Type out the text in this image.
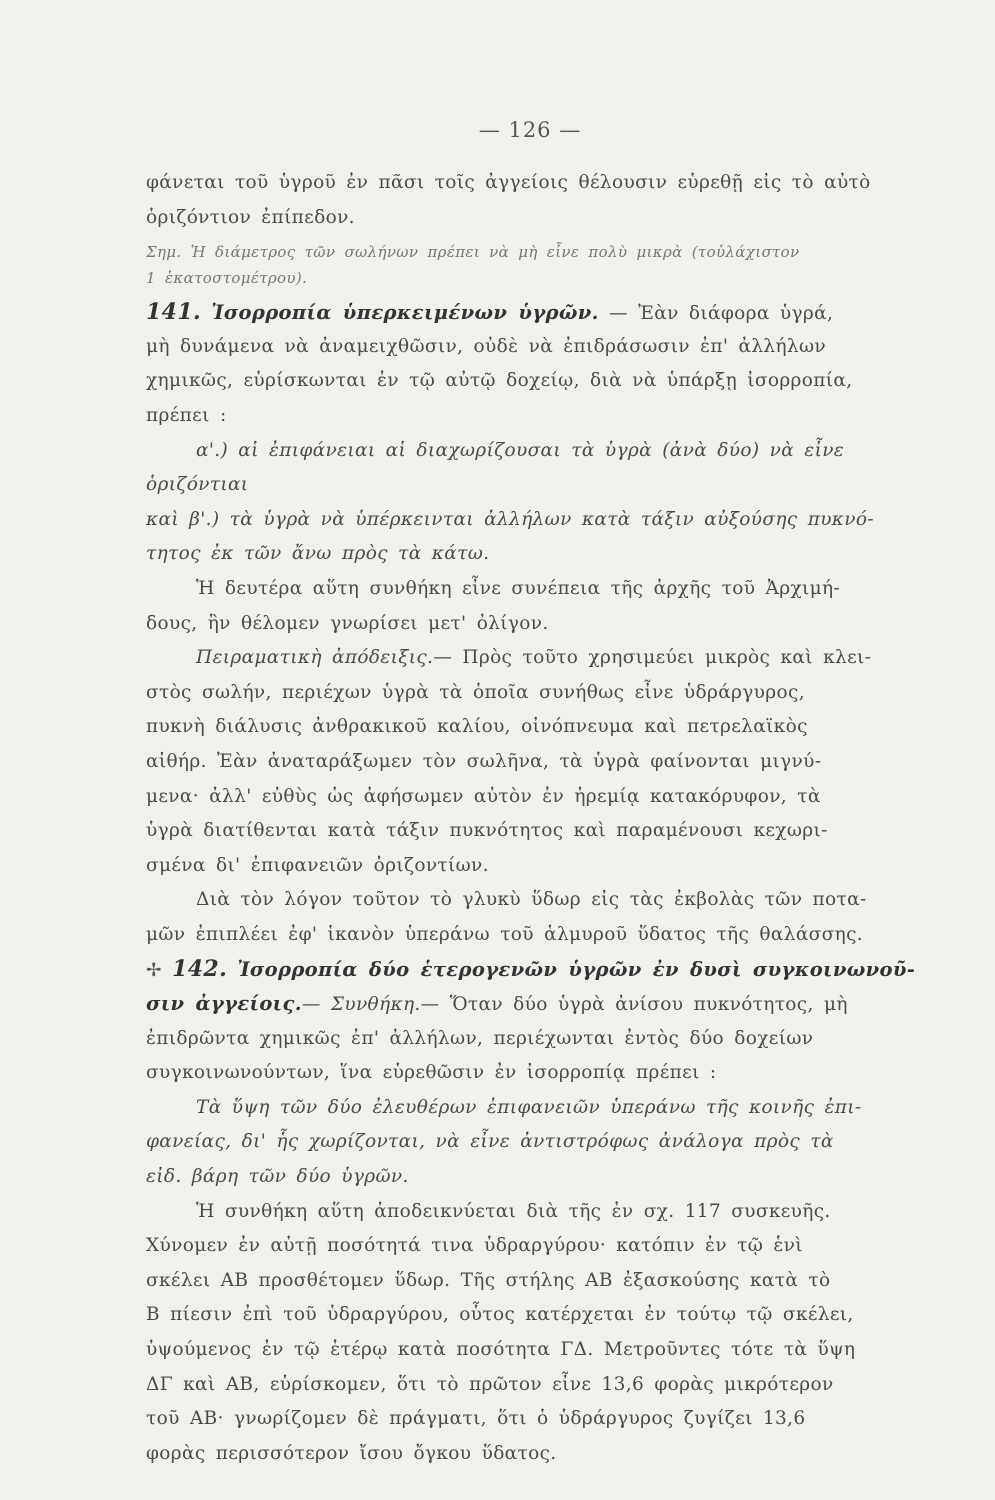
— 126 —
φάνεται τοῦ ὑγροῦ ἐν πᾶσι τοῖς ἀγγείοις θέλουσιν εὑρεθῇ εἰς τὸ αὐτὸ
ὁριζόντιον ἐπίπεδον.
Σημ. Ἡ διάμετρος τῶν σωλήνων πρέπει νὰ μὴ εἶνε πολὺ μικρὰ (τοὐλάχιστον
1 ἑκατοστομέτρου).
141. Ἰσορροπία ὑπερκειμένων ὑγρῶν. — Ἐὰν διάφορα ὑγρά,
μὴ δυνάμενα νὰ ἀναμειχθῶσιν, οὐδὲ νὰ ἐπιδράσωσιν ἐπ' ἀλλήλων
χημικῶς, εὑρίσκωνται ἐν τῷ αὐτῷ δοχείῳ, διὰ νὰ ὑπάρξῃ ἰσορροπία,
πρέπει :
α'.) αἱ ἐπιφάνειαι αἱ διαχωρίζουσαι τὰ ὑγρὰ (ἀνὰ δύο) νὰ εἶνε
ὁριζόντιαι
καὶ β'.) τὰ ὑγρὰ νὰ ὑπέρκεινται ἀλλήλων κατὰ τάξιν αὐξούσης πυκνό-
τητος ἐκ τῶν ἄνω πρὸς τὰ κάτω.
Ἡ δευτέρα αὕτη συνθήκη εἶνε συνέπεια τῆς ἀρχῆς τοῦ Ἀρχιμή-
δους, ἣν θέλομεν γνωρίσει μετ' ὀλίγον.
Πειραματικὴ ἀπόδειξις.— Πρὸς τοῦτο χρησιμεύει μικρὸς καὶ κλει-
στὸς σωλήν, περιέχων ὑγρὰ τὰ ὁποῖα συνήθως εἶνε ὑδράργυρος,
πυκνὴ διάλυσις ἀνθρακικοῦ καλίου, οἰνόπνευμα καὶ πετρελαϊκὸς
αἰθήρ. Ἐὰν ἀναταράξωμεν τὸν σωλῆνα, τὰ ὑγρὰ φαίνονται μιγνύ-
μενα· ἀλλ' εὐθὺς ὡς ἀφήσωμεν αὐτὸν ἐν ἠρεμίᾳ κατακόρυφον, τὰ
ὑγρὰ διατίθενται κατὰ τάξιν πυκνότητος καὶ παραμένουσι κεχωρι-
σμένα δι' ἐπιφανειῶν ὁριζοντίων.
Διὰ τὸν λόγον τοῦτον τὸ γλυκὺ ὕδωρ εἰς τὰς ἐκβολὰς τῶν ποτα-
μῶν ἐπιπλέει ἐφ' ἱκανὸν ὑπεράνω τοῦ ἁλμυροῦ ὕδατος τῆς θαλάσσης.
✢ 142. Ἰσορροπία δύο ἑτερογενῶν ὑγρῶν ἐν δυσὶ συγκοινωνοῦ-
σιν ἀγγείοις.— Συνθήκη.— Ὅταν δύο ὑγρὰ ἀνίσου πυκνότητος, μὴ
ἐπιδρῶντα χημικῶς ἐπ' ἀλλήλων, περιέχωνται ἐντὸς δύο δοχείων
συγκοινωνούντων, ἵνα εὑρεθῶσιν ἐν ἰσορροπίᾳ πρέπει :
Τὰ ὕψη τῶν δύο ἐλευθέρων ἐπιφανειῶν ὑπεράνω τῆς κοινῆς ἐπι-
φανείας, δι' ἧς χωρίζονται, νὰ εἶνε ἀντιστρόφως ἀνάλογα πρὸς τὰ
εἰδ. βάρη τῶν δύο ὑγρῶν.
Ἡ συνθήκη αὕτη ἀποδεικνύεται διὰ τῆς ἐν σχ. 117 συσκευῆς.
Χύνομεν ἐν αὐτῇ ποσότητά τινα ὑδραργύρου· κατόπιν ἐν τῷ ἑνὶ
σκέλει ΑΒ προσθέτομεν ὕδωρ. Τῆς στήλης ΑΒ ἐξασκούσης κατὰ τὸ
Β πίεσιν ἐπὶ τοῦ ὑδραργύρου, οὗτος κατέρχεται ἐν τούτῳ τῷ σκέλει,
ὑψούμενος ἐν τῷ ἑτέρῳ κατὰ ποσότητα ΓΔ. Μετροῦντες τότε τὰ ὕψη
ΔΓ καὶ ΑΒ, εὑρίσκομεν, ὅτι τὸ πρῶτον εἶνε 13,6 φορὰς μικρότερον
τοῦ ΑΒ· γνωρίζομεν δὲ πράγματι, ὅτι ὁ ὑδράργυρος ζυγίζει 13,6
φορὰς περισσότερον ἴσου ὄγκου ὕδατος.
